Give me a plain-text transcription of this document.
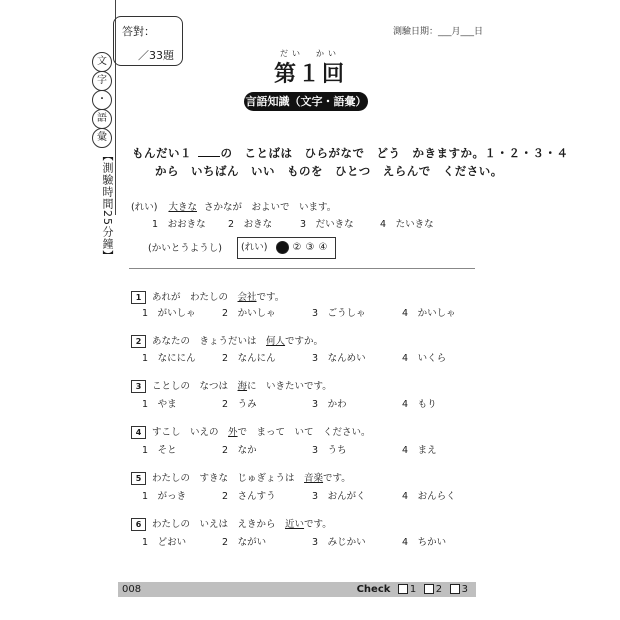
文
字
・
語
彙
【測驗時間25分鐘】
答對：
／33題
測驗日期：___月___日
だい　かい
第１回
言語知識（文字・語彙）
もんだい１ の　ことばは　ひらがなで　どう　かきますか。１・２・３・４
から　いちばん　いい　ものを　ひとつ　えらんで　ください。
(れい) 大きな さかなが　およいで　います。
1　 おおきな 2　 おきな	3　 だいきな	4　 たいきな
(かいとうようし)	(れい)	② ③ ④
1 あれが　わたしの　 会社です。
1　 がいしゃ	2　 かいしゃ	3　 ごうしゃ	4　 かいしゃ
2 あなたの　きょうだいは　 何人ですか。
1　 なににん	2　 なんにん	3　 なんめい	4　 いくら
3 ことしの　なつは　 海に　いきたいです。
1　 やま	2　 うみ	3　 かわ	4　 もり
4 すこし　いえの　 外で　まって　いて　ください。
1　 そと	2　 なか	3　 うち	4　 まえ
5 わたしの　すきな　じゅぎょうは　 音楽です。
1　 がっき	2　 さんすう	3　 おんがく	4　 おんらく
6 わたしの　いえは　えきから　 近いです。
1　 どおい	2　 ながい	3　 みじかい	4　 ちかい
008	Check 1 2 3
